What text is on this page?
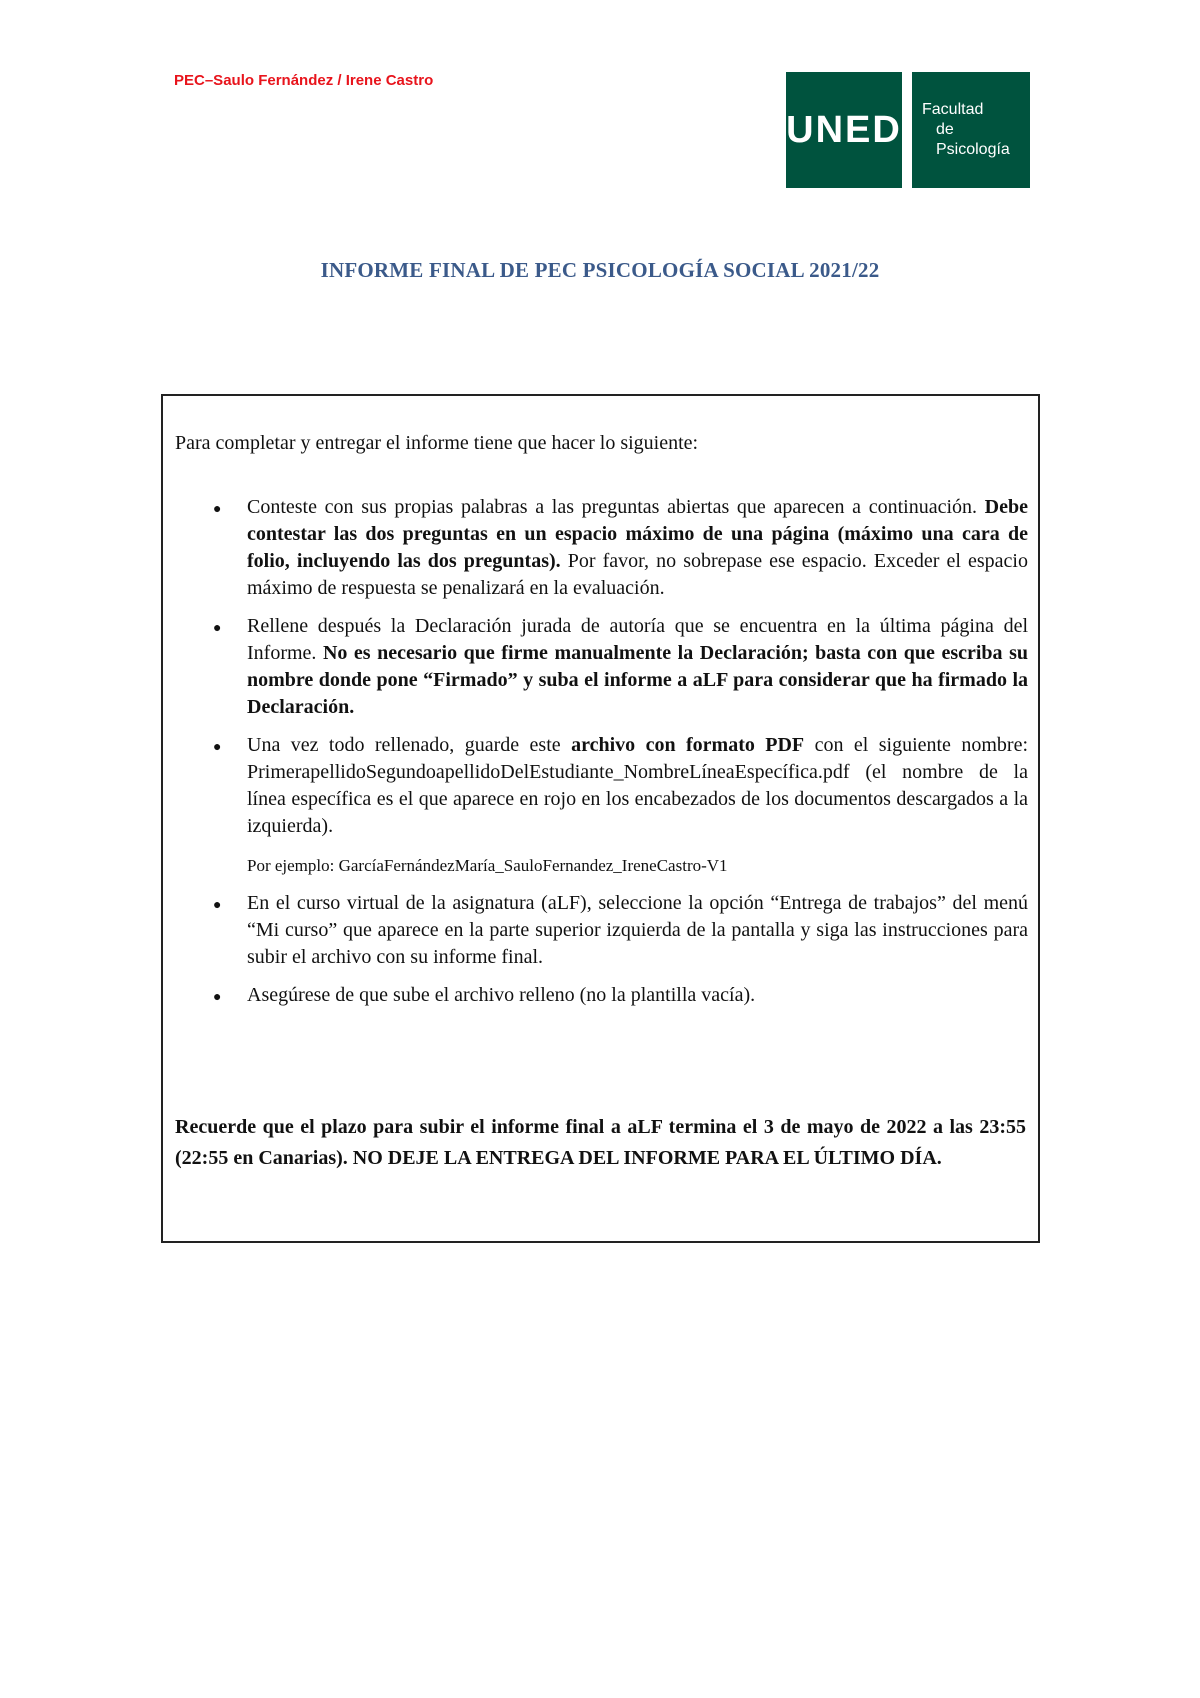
PEC–Saulo Fernández / Irene Castro
UNED Facultad
de Psicología
INFORME FINAL DE PEC PSICOLOGÍA SOCIAL 2021/22
Para completar y entregar el informe tiene que hacer lo siguiente:
● Conteste con sus propias palabras a las preguntas abiertas que aparecen a continuación. Debe contestar las dos preguntas en un espacio máximo de una página (máximo una cara de folio, incluyendo las dos preguntas). Por favor, no sobrepase ese espacio. Exceder el espacio máximo de respuesta se penalizará en la evaluación.
● Rellene después la Declaración jurada de autoría que se encuentra en la última página del Informe. No es necesario que firme manualmente la Declaración; basta con que escriba su nombre donde pone “Firmado” y suba el informe a aLF para considerar que ha firmado la Declaración.
● Una vez todo rellenado, guarde este archivo con formato PDF con el siguiente nombre: PrimerapellidoSegundoapellidoDelEstudiante_NombreLíneaEspecífica.pdf (el nombre de la línea específica es el que aparece en rojo en los encabezados de los documentos descargados a la izquierda).
Por ejemplo: GarcíaFernándezMaría_SauloFernandez_IreneCastro-V1
● En el curso virtual de la asignatura (aLF), seleccione la opción “Entrega de trabajos” del menú “Mi curso” que aparece en la parte superior izquierda de la pantalla y siga las instrucciones para subir el archivo con su informe final.
● Asegúrese de que sube el archivo relleno (no la plantilla vacía).
Recuerde que el plazo para subir el informe final a aLF termina el 3 de mayo de 2022 a las 23:55 (22:55 en Canarias). NO DEJE LA ENTREGA DEL INFORME PARA EL ÚLTIMO DÍA.
